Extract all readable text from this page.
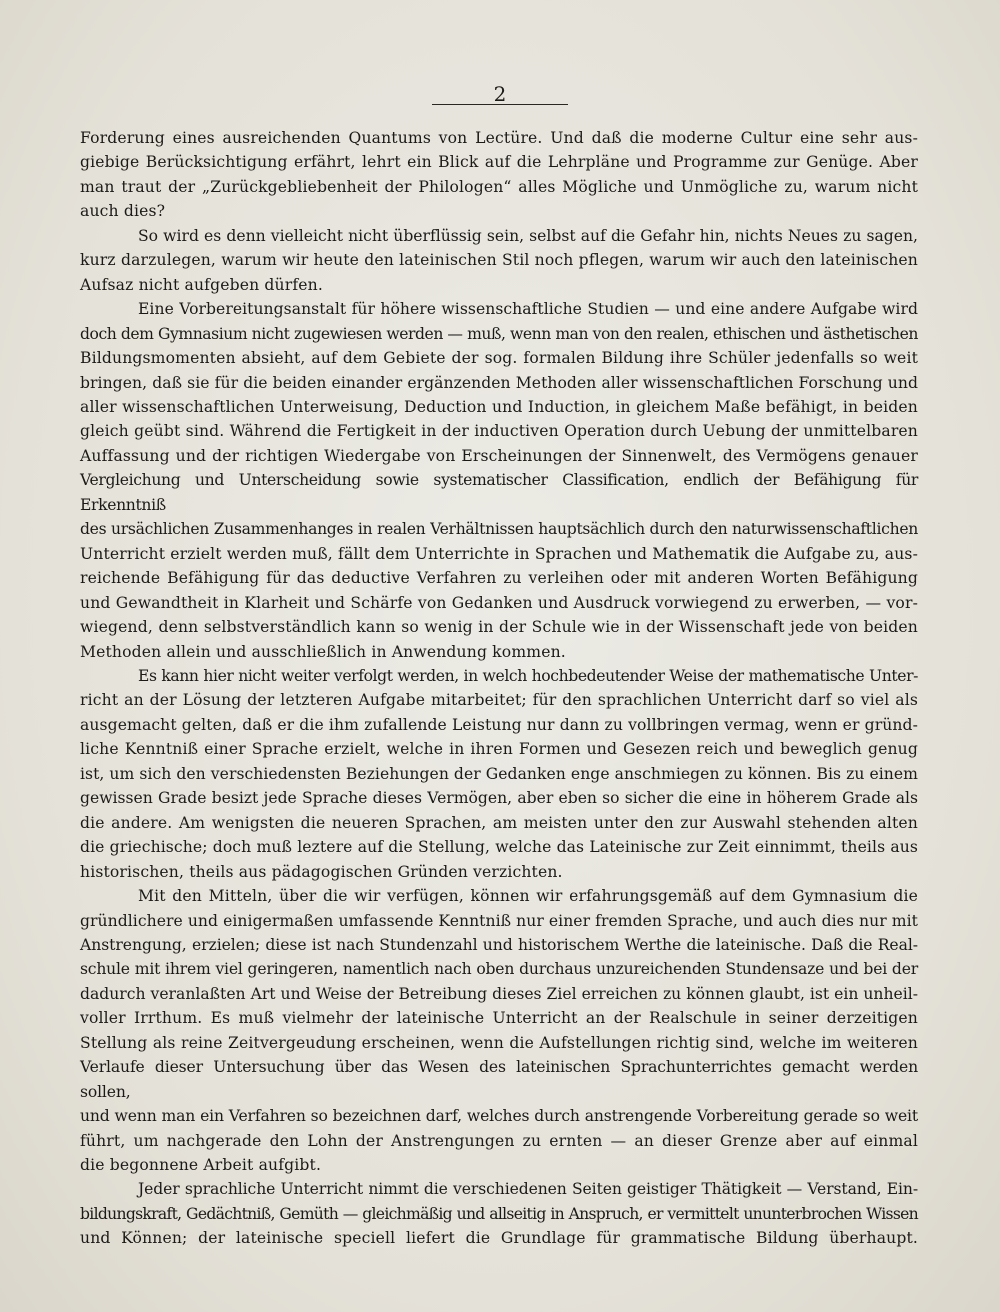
2
Forderung eines ausreichenden Quantums von Lectüre. Und daß die moderne Cultur eine sehr aus-
giebige Berücksichtigung erfährt, lehrt ein Blick auf die Lehrpläne und Programme zur Genüge. Aber
man traut der „Zurückgebliebenheit der Philologen“ alles Mögliche und Unmögliche zu, warum nicht
auch dies?
So wird es denn vielleicht nicht überflüssig sein, selbst auf die Gefahr hin, nichts Neues zu sagen,
kurz darzulegen, warum wir heute den lateinischen Stil noch pflegen, warum wir auch den lateinischen
Aufsaz nicht aufgeben dürfen.
Eine Vorbereitungsanstalt für höhere wissenschaftliche Studien — und eine andere Aufgabe wird
doch dem Gymnasium nicht zugewiesen werden — muß, wenn man von den realen, ethischen und ästhetischen
Bildungsmomenten absieht, auf dem Gebiete der sog. formalen Bildung ihre Schüler jedenfalls so weit
bringen, daß sie für die beiden einander ergänzenden Methoden aller wissenschaftlichen Forschung und
aller wissenschaftlichen Unterweisung, Deduction und Induction, in gleichem Maße befähigt, in beiden
gleich geübt sind. Während die Fertigkeit in der inductiven Operation durch Uebung der unmittelbaren
Auffassung und der richtigen Wiedergabe von Erscheinungen der Sinnenwelt, des Vermögens genauer
Vergleichung und Unterscheidung sowie systematischer Classification, endlich der Befähigung für Erkenntniß
des ursächlichen Zusammenhanges in realen Verhältnissen hauptsächlich durch den naturwissenschaftlichen
Unterricht erzielt werden muß, fällt dem Unterrichte in Sprachen und Mathematik die Aufgabe zu, aus-
reichende Befähigung für das deductive Verfahren zu verleihen oder mit anderen Worten Befähigung
und Gewandtheit in Klarheit und Schärfe von Gedanken und Ausdruck vorwiegend zu erwerben, — vor-
wiegend, denn selbstverständlich kann so wenig in der Schule wie in der Wissenschaft jede von beiden
Methoden allein und ausschließlich in Anwendung kommen.
Es kann hier nicht weiter verfolgt werden, in welch hochbedeutender Weise der mathematische Unter-
richt an der Lösung der letzteren Aufgabe mitarbeitet; für den sprachlichen Unterricht darf so viel als
ausgemacht gelten, daß er die ihm zufallende Leistung nur dann zu vollbringen vermag, wenn er gründ-
liche Kenntniß einer Sprache erzielt, welche in ihren Formen und Gesezen reich und beweglich genug
ist, um sich den verschiedensten Beziehungen der Gedanken enge anschmiegen zu können. Bis zu einem
gewissen Grade besizt jede Sprache dieses Vermögen, aber eben so sicher die eine in höherem Grade als
die andere. Am wenigsten die neueren Sprachen, am meisten unter den zur Auswahl stehenden alten
die griechische; doch muß leztere auf die Stellung, welche das Lateinische zur Zeit einnimmt, theils aus
historischen, theils aus pädagogischen Gründen verzichten.
Mit den Mitteln, über die wir verfügen, können wir erfahrungsgemäß auf dem Gymnasium die
gründlichere und einigermaßen umfassende Kenntniß nur einer fremden Sprache, und auch dies nur mit
Anstrengung, erzielen; diese ist nach Stundenzahl und historischem Werthe die lateinische. Daß die Real-
schule mit ihrem viel geringeren, namentlich nach oben durchaus unzureichenden Stundensaze und bei der
dadurch veranlaßten Art und Weise der Betreibung dieses Ziel erreichen zu können glaubt, ist ein unheil-
voller Irrthum. Es muß vielmehr der lateinische Unterricht an der Realschule in seiner derzeitigen
Stellung als reine Zeitvergeudung erscheinen, wenn die Aufstellungen richtig sind, welche im weiteren
Verlaufe dieser Untersuchung über das Wesen des lateinischen Sprachunterrichtes gemacht werden sollen,
und wenn man ein Verfahren so bezeichnen darf, welches durch anstrengende Vorbereitung gerade so weit
führt, um nachgerade den Lohn der Anstrengungen zu ernten — an dieser Grenze aber auf einmal
die begonnene Arbeit aufgibt.
Jeder sprachliche Unterricht nimmt die verschiedenen Seiten geistiger Thätigkeit — Verstand, Ein-
bildungskraft, Gedächtniß, Gemüth — gleichmäßig und allseitig in Anspruch, er vermittelt ununterbrochen Wissen
und Können; der lateinische speciell liefert die Grundlage für grammatische Bildung überhaupt.
